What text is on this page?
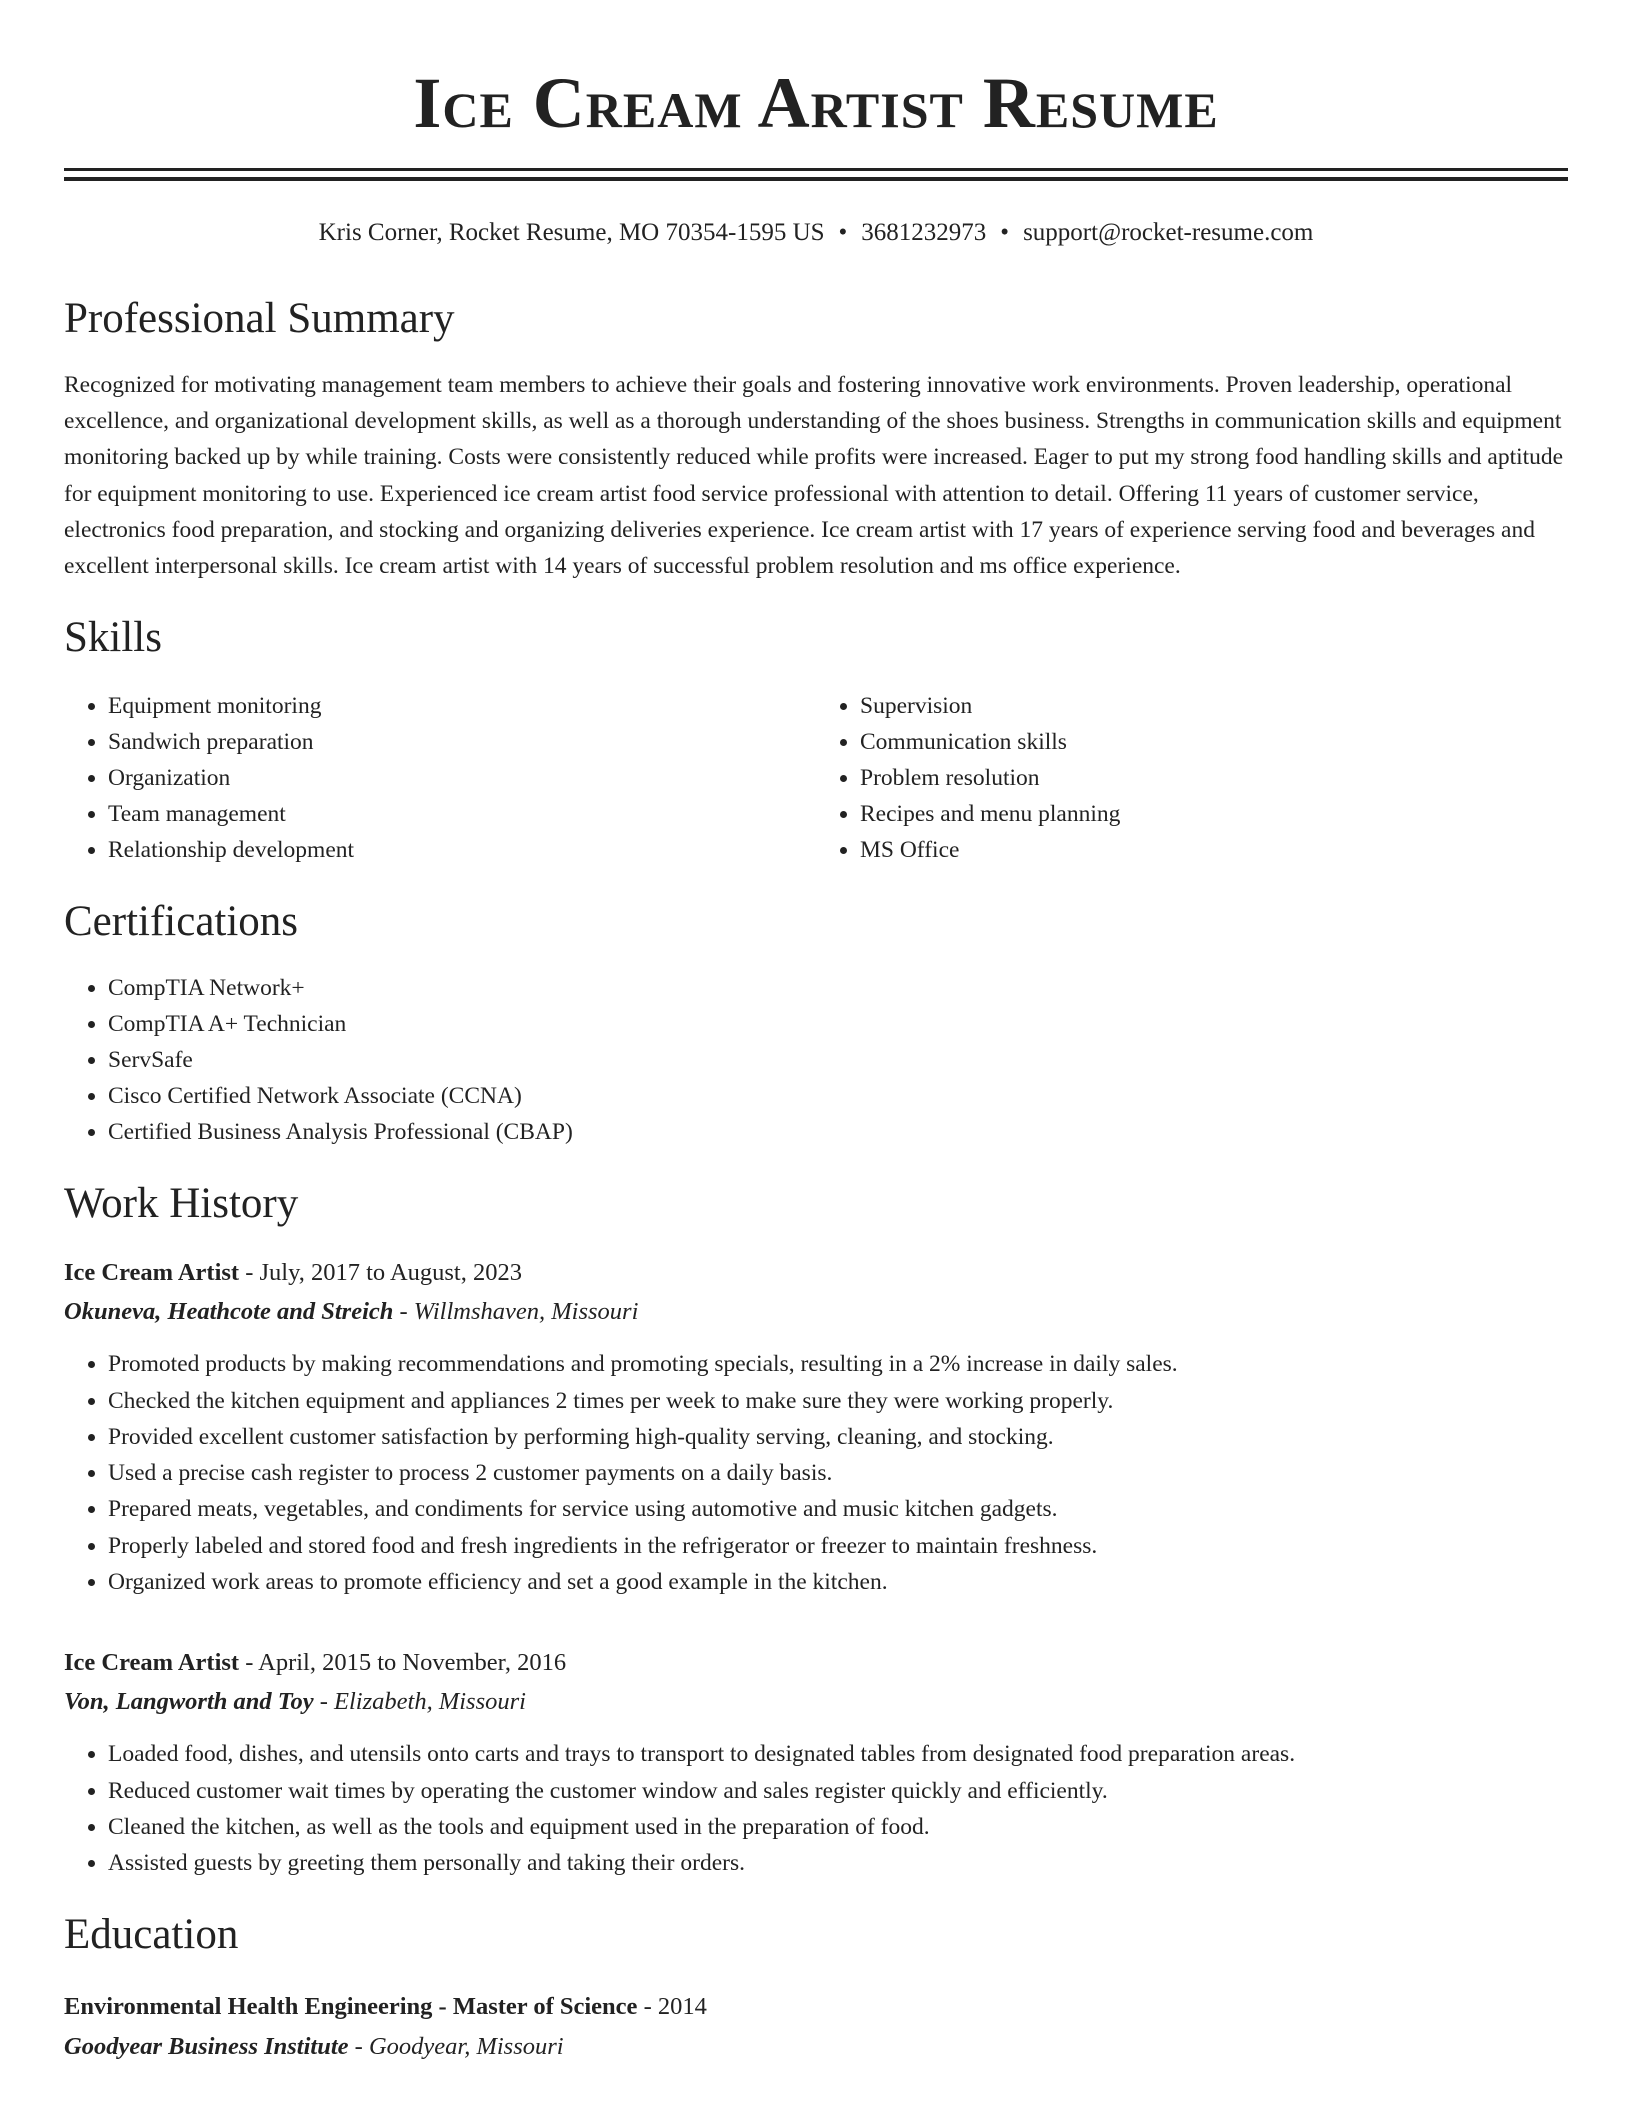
Ice Cream Artist Resume
Kris Corner, Rocket Resume, MO 70354-1595 US • 3681232973 • support@rocket-resume.com
Professional Summary
Recognized for motivating management team members to achieve their goals and fostering innovative work environments. Proven leadership, operational excellence, and organizational development skills, as well as a thorough understanding of the shoes business. Strengths in communication skills and equipment monitoring backed up by while training. Costs were consistently reduced while profits were increased. Eager to put my strong food handling skills and aptitude for equipment monitoring to use. Experienced ice cream artist food service professional with attention to detail. Offering 11 years of customer service, electronics food preparation, and stocking and organizing deliveries experience. Ice cream artist with 17 years of experience serving food and beverages and excellent interpersonal skills. Ice cream artist with 14 years of successful problem resolution and ms office experience.
Skills
• Equipment monitoring
• Sandwich preparation
• Organization
• Team management
• Relationship development
• Supervision
• Communication skills
• Problem resolution
• Recipes and menu planning
• MS Office
Certifications
• CompTIA Network+
• CompTIA A+ Technician
• ServSafe
• Cisco Certified Network Associate (CCNA)
• Certified Business Analysis Professional (CBAP)
Work History
Ice Cream Artist - July, 2017 to August, 2023
Okuneva, Heathcote and Streich - Willmshaven, Missouri
• Promoted products by making recommendations and promoting specials, resulting in a 2% increase in daily sales.
• Checked the kitchen equipment and appliances 2 times per week to make sure they were working properly.
• Provided excellent customer satisfaction by performing high-quality serving, cleaning, and stocking.
• Used a precise cash register to process 2 customer payments on a daily basis.
• Prepared meats, vegetables, and condiments for service using automotive and music kitchen gadgets.
• Properly labeled and stored food and fresh ingredients in the refrigerator or freezer to maintain freshness.
• Organized work areas to promote efficiency and set a good example in the kitchen.
Ice Cream Artist - April, 2015 to November, 2016
Von, Langworth and Toy - Elizabeth, Missouri
• Loaded food, dishes, and utensils onto carts and trays to transport to designated tables from designated food preparation areas.
• Reduced customer wait times by operating the customer window and sales register quickly and efficiently.
• Cleaned the kitchen, as well as the tools and equipment used in the preparation of food.
• Assisted guests by greeting them personally and taking their orders.
Education
Environmental Health Engineering - Master of Science - 2014
Goodyear Business Institute - Goodyear, Missouri
